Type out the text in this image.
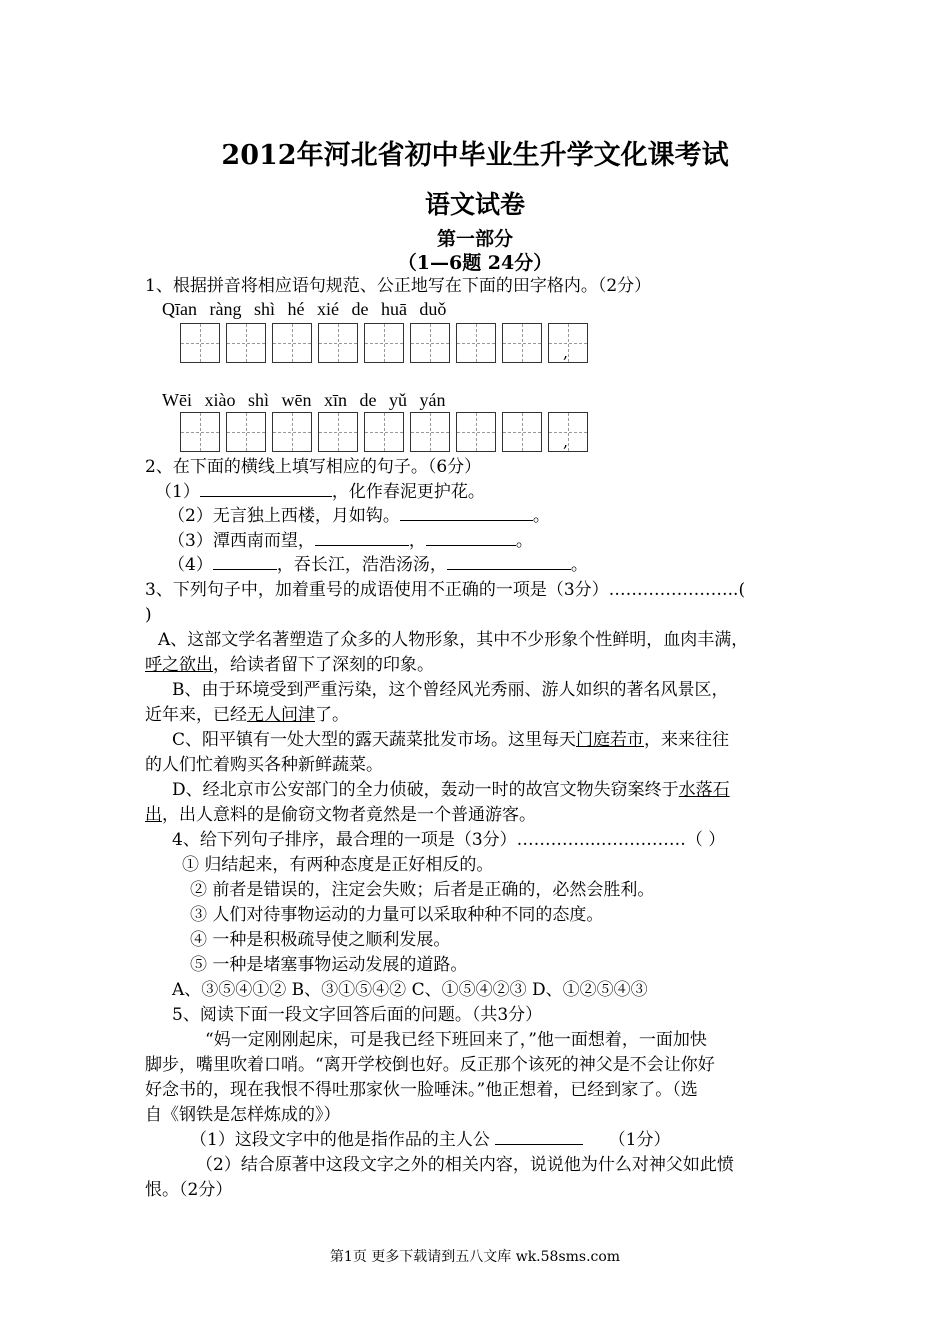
2012年河北省初中毕业生升学文化课考试
语文试卷
第一部分
（1—6题 24分）
1、根据拼音将相应语句规范、公正地写在下面的田字格内。（2分）
Qīan ràng shì hé xié de huā duǒ
,
Wēi xiào shì wēn xīn de yǔ yán
,
2、在下面的横线上填写相应的句子。（6分）
（1）	，化作春泥更护花。
（2）无言独上西楼，月如钩。	。
（3）潭西南而望，	，	。
（4）	，吞长江，浩浩汤汤，	。
3、下列句子中，加着重号的成语使用不正确的一项是（3分）…………………..(
)
A、这部文学名著塑造了众多的人物形象，其中不少形象个性鲜明，血肉丰满，
呼之欲出，给读者留下了深刻的印象。
B、由于环境受到严重污染，这个曾经风光秀丽、游人如织的著名风景区，
近年来，已经无人问津了。
C、阳平镇有一处大型的露天蔬菜批发市场。这里每天门庭若市，来来往往
的人们忙着购买各种新鲜蔬菜。
D、经北京市公安部门的全力侦破，轰动一时的故宫文物失窃案终于水落石
出，出人意料的是偷窃文物者竟然是一个普通游客。
4、给下列句子排序，最合理的一项是（3分）…………...……………（ ）
① 归结起来，有两种态度是正好相反的。
② 前者是错误的，注定会失败；后者是正确的，必然会胜利。
③ 人们对待事物运动的力量可以采取种种不同的态度。
④ 一种是积极疏导使之顺利发展。
⑤ 一种是堵塞事物运动发展的道路。
A、③⑤④①② B、③①⑤④② C、①⑤④②③ D、①②⑤④③
5、阅读下面一段文字回答后面的问题。（共3分）
“妈一定刚刚起床，可是我已经下班回来了，”他一面想着，一面加快
脚步，嘴里吹着口哨。“离开学校倒也好。反正那个该死的神父是不会让你好
好念书的，现在我恨不得吐那家伙一脸唾沫。”他正想着，已经到家了。（选
自《钢铁是怎样炼成的》）
（1）这段文字中的他是指作品的主人公	（1分）
（2）结合原著中这段文字之外的相关内容，说说他为什么对神父如此愤
恨。（2分）
第1页 更多下载请到五八文库 wk.58sms.com
